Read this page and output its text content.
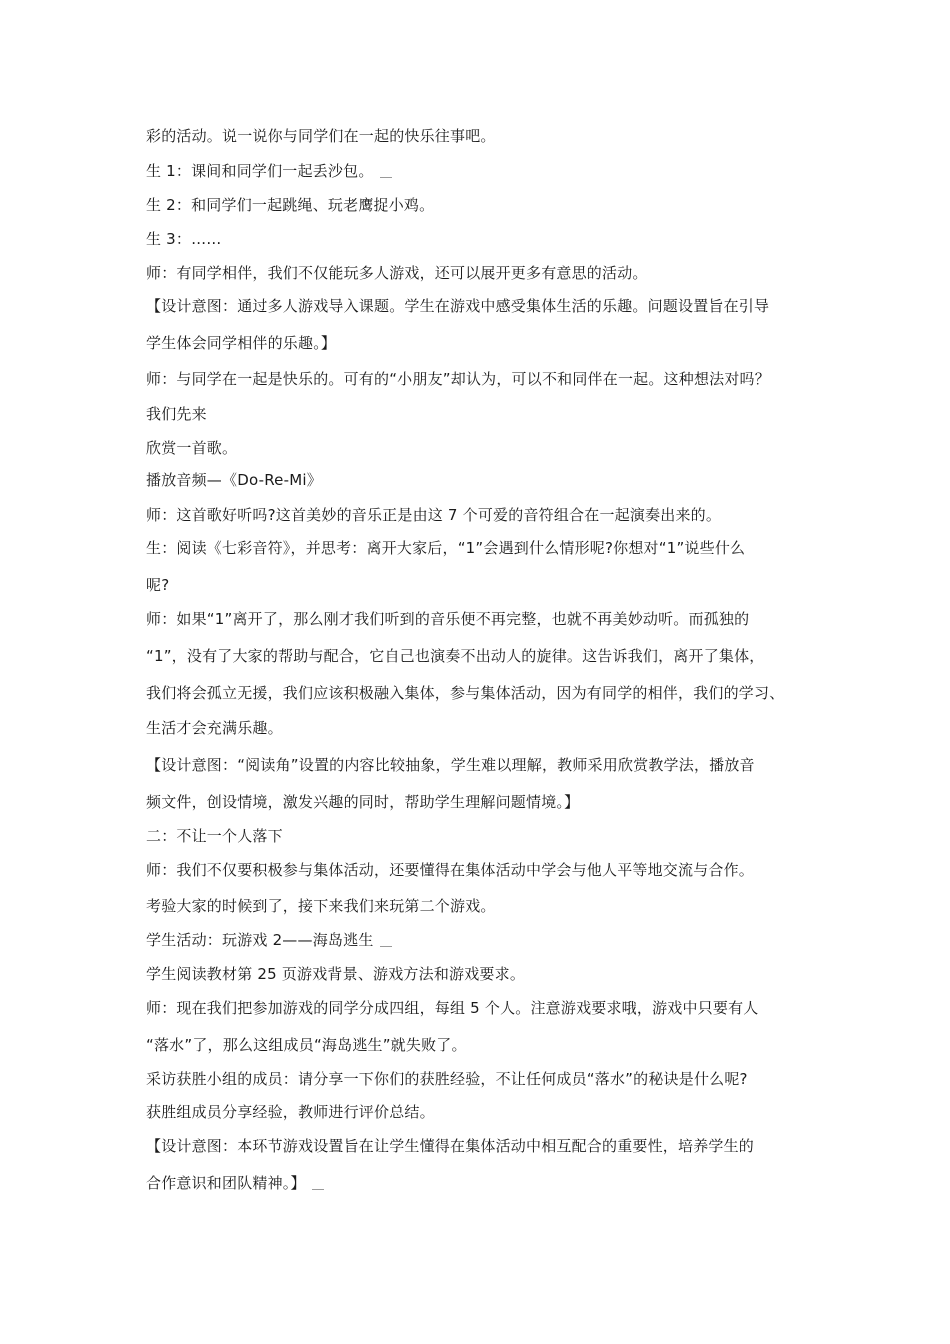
彩的活动。说一说你与同学们在一起的快乐往事吧。
生 1：课间和同学们一起丢沙包。
生 2：和同学们一起跳绳、玩老鹰捉小鸡。
生 3：……
师：有同学相伴，我们不仅能玩多人游戏，还可以展开更多有意思的活动。
【设计意图：通过多人游戏导入课题。学生在游戏中感受集体生活的乐趣。问题设置旨在引导
学生体会同学相伴的乐趣。】
师：与同学在一起是快乐的。可有的“小朋友”却认为，可以不和同伴在一起。这种想法对吗？
我们先来
欣赏一首歌。
播放音频—《Do-Re-Mi》
师：这首歌好听吗?这首美妙的音乐正是由这 7 个可爱的音符组合在一起演奏出来的。
生：阅读《七彩音符》，并思考：离开大家后，“1”会遇到什么情形呢?你想对“1”说些什么
呢?
师：如果“1”离开了，那么刚才我们听到的音乐便不再完整，也就不再美妙动听。而孤独的
“1”，没有了大家的帮助与配合，它自己也演奏不出动人的旋律。这告诉我们，离开了集体，
我们将会孤立无援，我们应该积极融入集体，参与集体活动，因为有同学的相伴，我们的学习、
生活才会充满乐趣。
【设计意图：“阅读角”设置的内容比较抽象，学生难以理解，教师采用欣赏教学法，播放音
频文件，创设情境，激发兴趣的同时，帮助学生理解问题情境。】
二：不让一个人落下
师：我们不仅要积极参与集体活动，还要懂得在集体活动中学会与他人平等地交流与合作。
考验大家的时候到了，接下来我们来玩第二个游戏。
学生活动：玩游戏 2——海岛逃生
学生阅读教材第 25 页游戏背景、游戏方法和游戏要求。
师：现在我们把参加游戏的同学分成四组，每组 5 个人。注意游戏要求哦，游戏中只要有人
“落水”了，那么这组成员“海岛逃生”就失败了。
采访获胜小组的成员：请分享一下你们的获胜经验，不让任何成员“落水”的秘诀是什么呢?
获胜组成员分享经验，教师进行评价总结。
【设计意图：本环节游戏设置旨在让学生懂得在集体活动中相互配合的重要性，培养学生的
合作意识和团队精神。】
